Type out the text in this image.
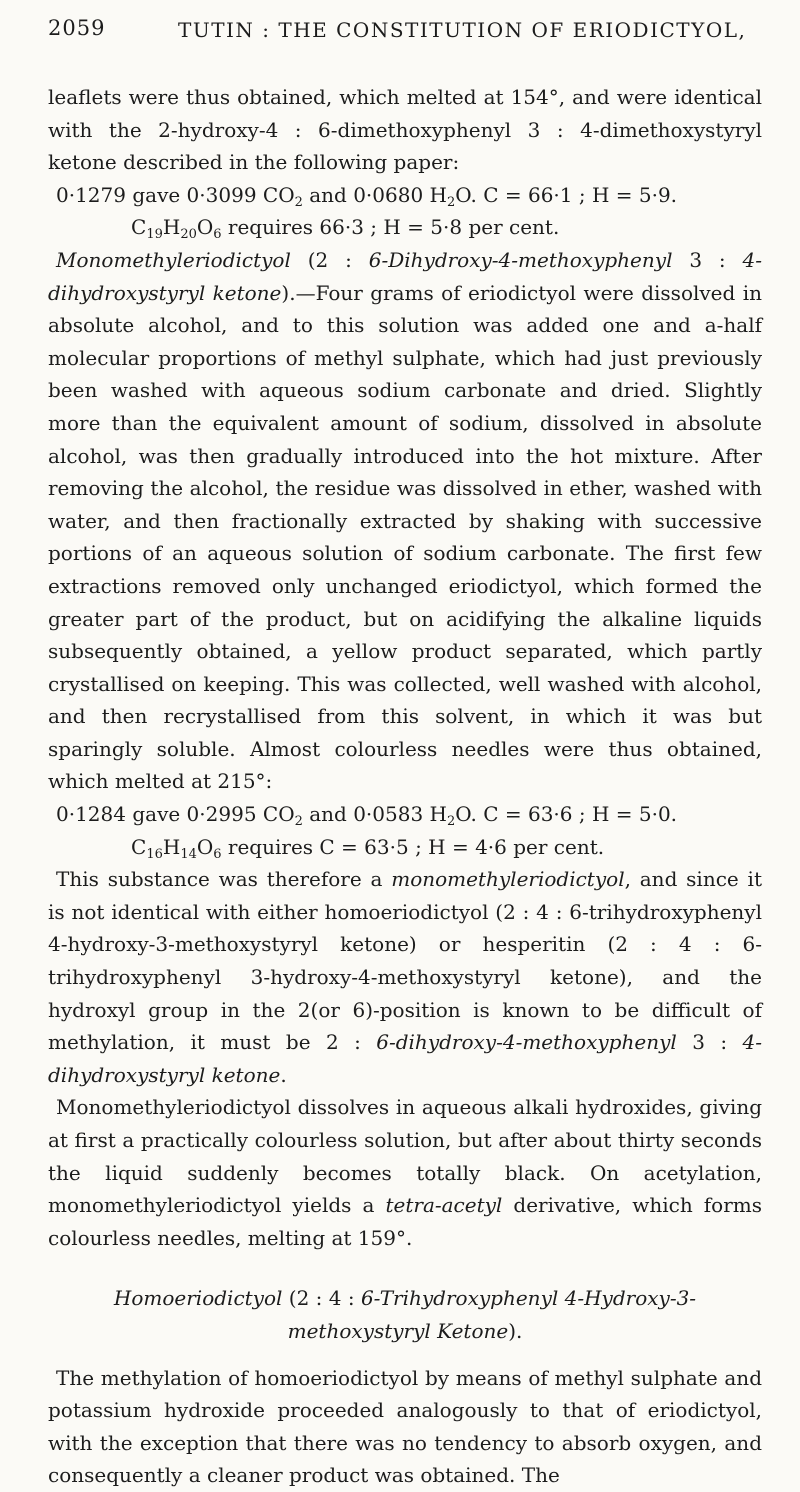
2059	TUTIN : THE CONSTITUTION OF ERIODICTYOL,

leaflets were thus obtained, which melted at 154°, and were identical with the 2-hydroxy-4 : 6-dimethoxyphenyl 3 : 4-dimethoxystyryl ketone described in the following paper:

0·1279 gave 0·3099 $CO_2$ and 0·0680 $H_2O$. C = 66·1 ; H = 5·9.
$C_{19}H_{20}O_6$ requires 66·3 ; H = 5·8 per cent.

Monomethyleriodictyol (2 : 6-Dihydroxy-4-methoxyphenyl 3 : 4-dihydroxystyryl ketone).—Four grams of eriodictyol were dissolved in absolute alcohol, and to this solution was added one and a-half molecular proportions of methyl sulphate, which had just previously been washed with aqueous sodium carbonate and dried. Slightly more than the equivalent amount of sodium, dissolved in absolute alcohol, was then gradually introduced into the hot mixture. After removing the alcohol, the residue was dissolved in ether, washed with water, and then fractionally extracted by shaking with successive portions of an aqueous solution of sodium carbonate. The first few extractions removed only unchanged eriodictyol, which formed the greater part of the product, but on acidifying the alkaline liquids subsequently obtained, a yellow product separated, which partly crystallised on keeping. This was collected, well washed with alcohol, and then recrystallised from this solvent, in which it was but sparingly soluble. Almost colourless needles were thus obtained, which melted at 215°:

0·1284 gave 0·2995 $CO_2$ and 0·0583 $H_2O$. C = 63·6 ; H = 5·0.
$C_{16}H_{14}O_6$ requires C = 63·5 ; H = 4·6 per cent.

This substance was therefore a monomethyleriodictyol, and since it is not identical with either homoeriodictyol (2 : 4 : 6-trihydroxyphenyl 4-hydroxy-3-methoxystyryl ketone) or hesperitin (2 : 4 : 6-trihydroxyphenyl 3-hydroxy-4-methoxystyryl ketone), and the hydroxyl group in the 2(or 6)-position is known to be difficult of methylation, it must be 2 : 6-dihydroxy-4-methoxyphenyl 3 : 4-dihydroxystyryl ketone.

Monomethyleriodictyol dissolves in aqueous alkali hydroxides, giving at first a practically colourless solution, but after about thirty seconds the liquid suddenly becomes totally black. On acetylation, monomethyleriodictyol yields a tetra-acetyl derivative, which forms colourless needles, melting at 159°.

Homoeriodictyol (2 : 4 : 6-Trihydroxyphenyl 4-Hydroxy-3-methoxystyryl Ketone).

The methylation of homoeriodictyol by means of methyl sulphate and potassium hydroxide proceeded analogously to that of eriodictyol, with the exception that there was no tendency to absorb oxygen, and consequently a cleaner product was obtained. The
